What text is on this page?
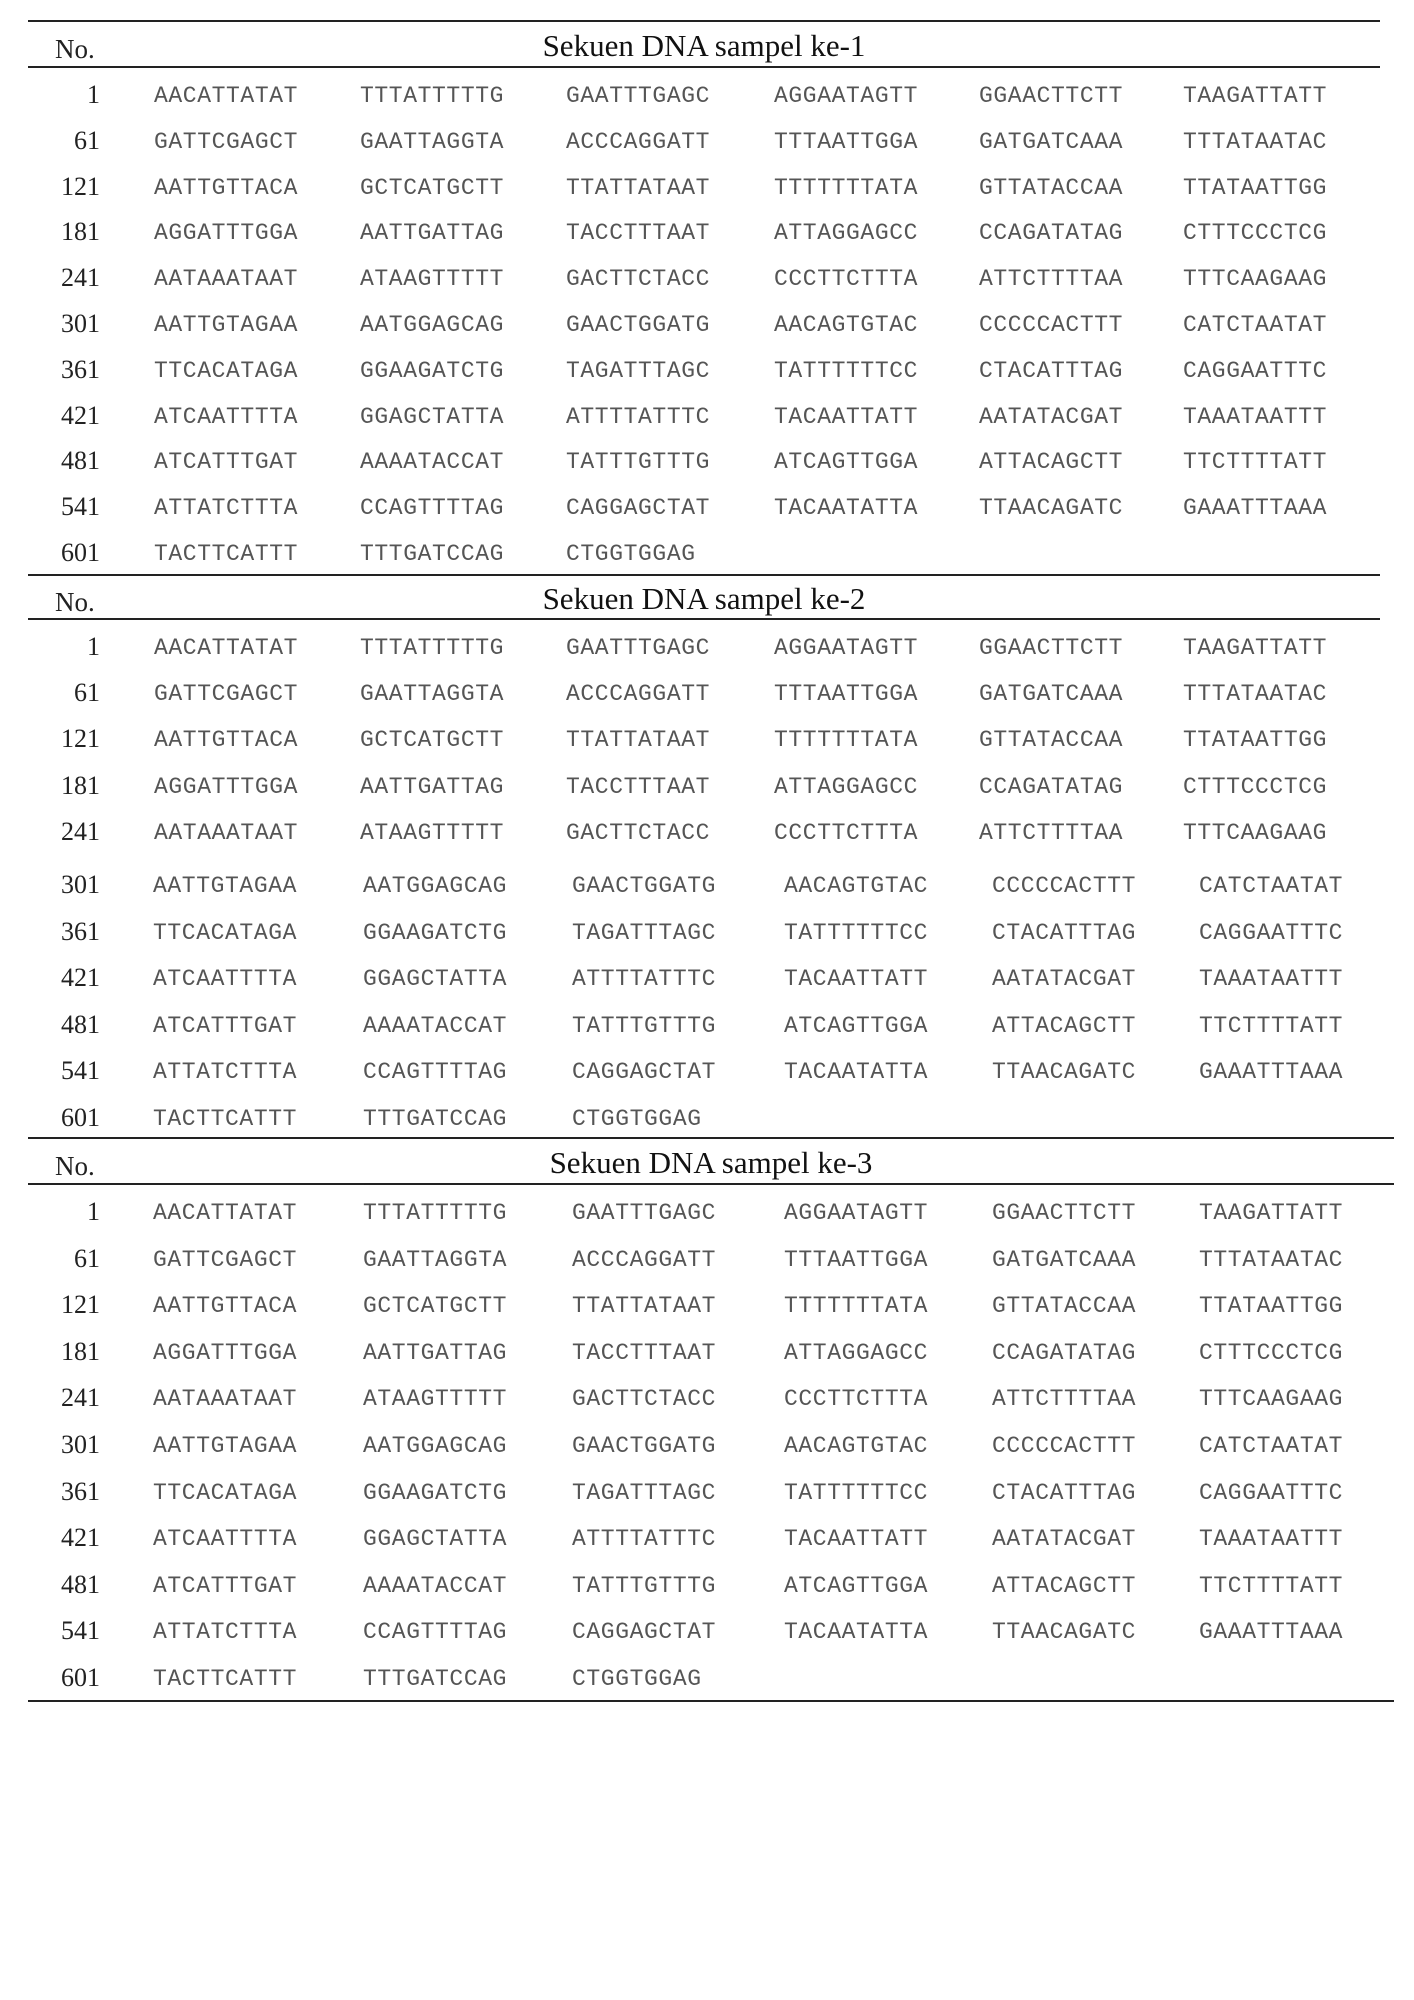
No.	Sekuen DNA sampel ke-1
1 AACATTATAT	TTTATTTTTG	GAATTTGAGC	AGGAATAGTT	GGAACTTCTT	TAAGATTATT
61 GATTCGAGCT	GAATTAGGTA	ACCCAGGATT	TTTAATTGGA	GATGATCAAA	TTTATAATAC
121 AATTGTTACA	GCTCATGCTT	TTATTATAAT	TTTTTTTATA	GTTATACCAA	TTATAATTGG
181 AGGATTTGGA	AATTGATTAG	TACCTTTAAT	ATTAGGAGCC	CCAGATATAG	CTTTCCCTCG
241 AATAAATAAT	ATAAGTTTTT	GACTTCTACC	CCCTTCTTTA	ATTCTTTTAA	TTTCAAGAAG
301 AATTGTAGAA	AATGGAGCAG	GAACTGGATG	AACAGTGTAC	CCCCCACTTT	CATCTAATAT
361 TTCACATAGA	GGAAGATCTG	TAGATTTAGC	TATTTTTTCC	CTACATTTAG	CAGGAATTTC
421 ATCAATTTTA	GGAGCTATTA	ATTTTATTTC	TACAATTATT	AATATACGAT	TAAATAATTT
481 ATCATTTGAT	AAAATACCAT	TATTTGTTTG	ATCAGTTGGA	ATTACAGCTT	TTCTTTTATT
541 ATTATCTTTA	CCAGTTTTAG	CAGGAGCTAT	TACAATATTA	TTAACAGATC	GAAATTTAAA
601 TACTTCATTT	TTTGATCCAG	CTGGTGGAG
No.	Sekuen DNA sampel ke-2
1 AACATTATAT	TTTATTTTTG	GAATTTGAGC	AGGAATAGTT	GGAACTTCTT	TAAGATTATT
61 GATTCGAGCT	GAATTAGGTA	ACCCAGGATT	TTTAATTGGA	GATGATCAAA	TTTATAATAC
121 AATTGTTACA	GCTCATGCTT	TTATTATAAT	TTTTTTTATA	GTTATACCAA	TTATAATTGG
181 AGGATTTGGA	AATTGATTAG	TACCTTTAAT	ATTAGGAGCC	CCAGATATAG	CTTTCCCTCG
241 AATAAATAAT	ATAAGTTTTT	GACTTCTACC	CCCTTCTTTA	ATTCTTTTAA	TTTCAAGAAG
301 AATTGTAGAA	AATGGAGCAG	GAACTGGATG	AACAGTGTAC	CCCCCACTTT	CATCTAATAT
361 TTCACATAGA	GGAAGATCTG	TAGATTTAGC	TATTTTTTCC	CTACATTTAG	CAGGAATTTC
421 ATCAATTTTA	GGAGCTATTA	ATTTTATTTC	TACAATTATT	AATATACGAT	TAAATAATTT
481 ATCATTTGAT	AAAATACCAT	TATTTGTTTG	ATCAGTTGGA	ATTACAGCTT	TTCTTTTATT
541 ATTATCTTTA	CCAGTTTTAG	CAGGAGCTAT	TACAATATTA	TTAACAGATC	GAAATTTAAA
601 TACTTCATTT	TTTGATCCAG	CTGGTGGAG
No.	Sekuen DNA sampel ke-3
1 AACATTATAT	TTTATTTTTG	GAATTTGAGC	AGGAATAGTT	GGAACTTCTT	TAAGATTATT
61 GATTCGAGCT	GAATTAGGTA	ACCCAGGATT	TTTAATTGGA	GATGATCAAA	TTTATAATAC
121 AATTGTTACA	GCTCATGCTT	TTATTATAAT	TTTTTTTATA	GTTATACCAA	TTATAATTGG
181 AGGATTTGGA	AATTGATTAG	TACCTTTAAT	ATTAGGAGCC	CCAGATATAG	CTTTCCCTCG
241 AATAAATAAT	ATAAGTTTTT	GACTTCTACC	CCCTTCTTTA	ATTCTTTTAA	TTTCAAGAAG
301 AATTGTAGAA	AATGGAGCAG	GAACTGGATG	AACAGTGTAC	CCCCCACTTT	CATCTAATAT
361 TTCACATAGA	GGAAGATCTG	TAGATTTAGC	TATTTTTTCC	CTACATTTAG	CAGGAATTTC
421 ATCAATTTTA	GGAGCTATTA	ATTTTATTTC	TACAATTATT	AATATACGAT	TAAATAATTT
481 ATCATTTGAT	AAAATACCAT	TATTTGTTTG	ATCAGTTGGA	ATTACAGCTT	TTCTTTTATT
541 ATTATCTTTA	CCAGTTTTAG	CAGGAGCTAT	TACAATATTA	TTAACAGATC	GAAATTTAAA
601 TACTTCATTT	TTTGATCCAG	CTGGTGGAG
